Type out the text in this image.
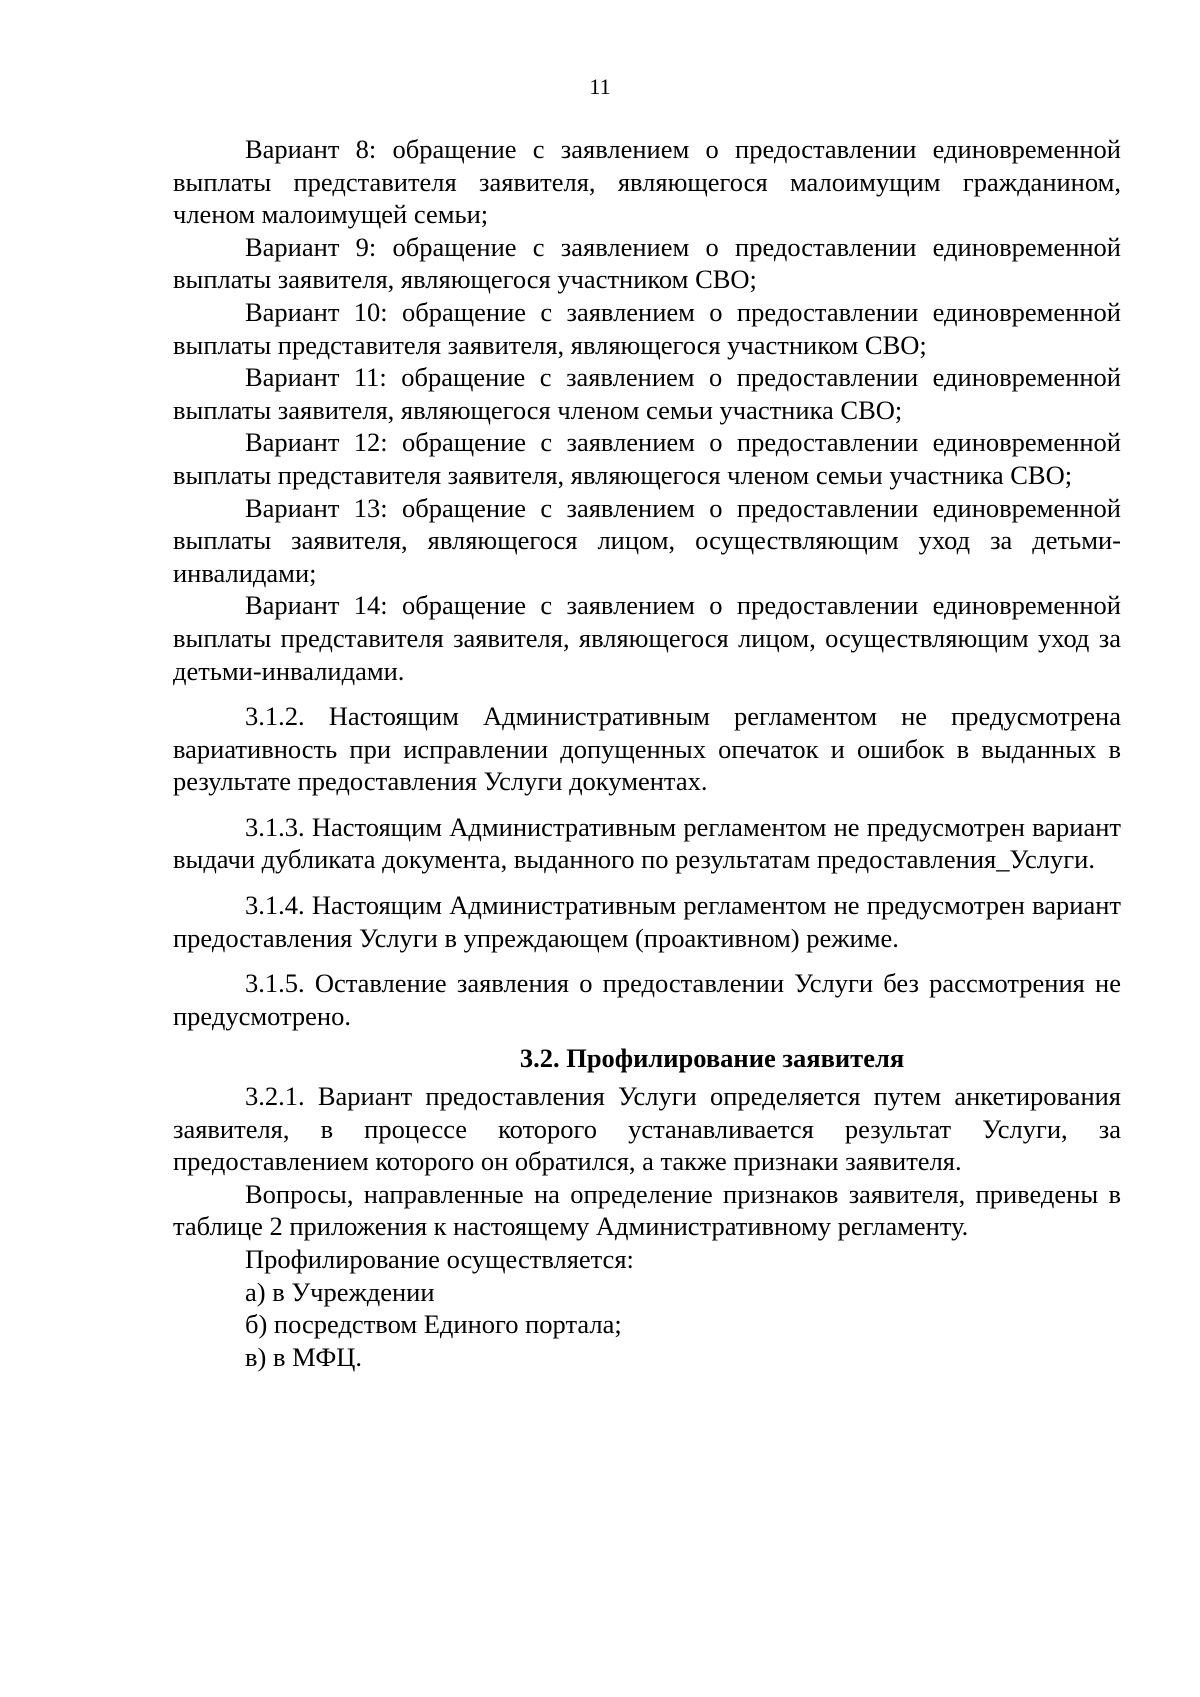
11

Вариант 8: обращение с заявлением о предоставлении единовременной выплаты представителя заявителя, являющегося малоимущим гражданином, членом малоимущей семьи;

Вариант 9: обращение с заявлением о предоставлении единовременной выплаты заявителя, являющегося участником СВО;

Вариант 10: обращение с заявлением о предоставлении единовременной выплаты представителя заявителя, являющегося участником СВО;

Вариант 11: обращение с заявлением о предоставлении единовременной выплаты заявителя, являющегося членом семьи участника СВО;

Вариант 12: обращение с заявлением о предоставлении единовременной выплаты представителя заявителя, являющегося членом семьи участника СВО;

Вариант 13: обращение с заявлением о предоставлении единовременной выплаты заявителя, являющегося лицом, осуществляющим уход за детьми-инвалидами;

Вариант 14: обращение с заявлением о предоставлении единовременной выплаты представителя заявителя, являющегося лицом, осуществляющим уход за детьми-инвалидами.

3.1.2. Настоящим Административным регламентом не предусмотрена вариативность при исправлении допущенных опечаток и ошибок в выданных в результате предоставления Услуги документах.

3.1.3. Настоящим Административным регламентом не предусмотрен вариант выдачи дубликата документа, выданного по результатам предоставления_Услуги.

3.1.4. Настоящим Административным регламентом не предусмотрен вариант предоставления Услуги в упреждающем (проактивном) режиме.

3.1.5. Оставление заявления о предоставлении Услуги без рассмотрения не предусмотрено.

3.2. Профилирование заявителя

3.2.1. Вариант предоставления Услуги определяется путем анкетирования заявителя, в процессе которого устанавливается результат Услуги, за предоставлением которого он обратился, а также признаки заявителя.

Вопросы, направленные на определение признаков заявителя, приведены в таблице 2 приложения к настоящему Административному регламенту.

Профилирование осуществляется:

а) в Учреждении

б) посредством Единого портала;

в) в МФЦ.
